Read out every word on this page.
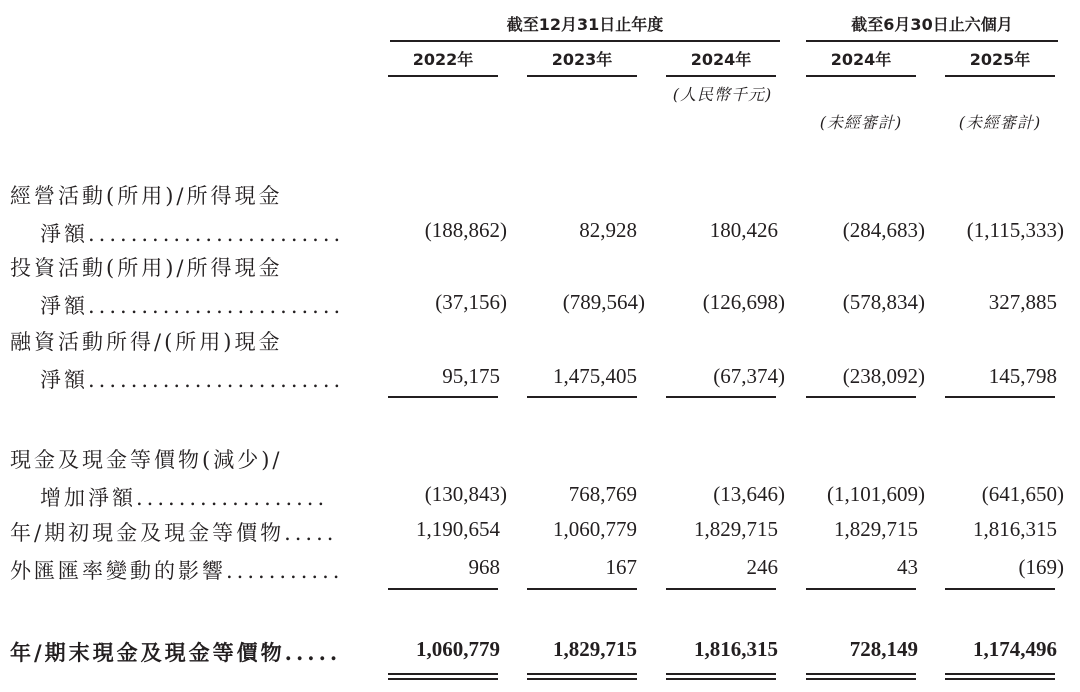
截至12月31日止年度	截至6月30日止六個月
2022年	2023年	2024年	2024年	2025年
(人民幣千元)
(未經審計)	(未經審計)
經營活動(所用)/所得現金
淨額........................	(188,862)	82,928	180,426	(284,683) (1,115,333)
投資活動(所用)/所得現金
淨額........................	(37,156)	(789,564)	(126,698)	(578,834)	327,885
融資活動所得/(所用)現金
淨額........................	95,175	1,475,405	(67,374)	(238,092)	145,798
現金及現金等價物(減少)/
增加淨額..................	(130,843)	768,769	(13,646) (1,101,609)	(641,650)
年/期初現金及現金等價物.....	1,190,654	1,060,779	1,829,715	1,829,715	1,816,315
外匯匯率變動的影響...........	968	167	246	43	(169)
年/期末現金及現金等價物.....	1,060,779	1,829,715	1,816,315	728,149	1,174,496
